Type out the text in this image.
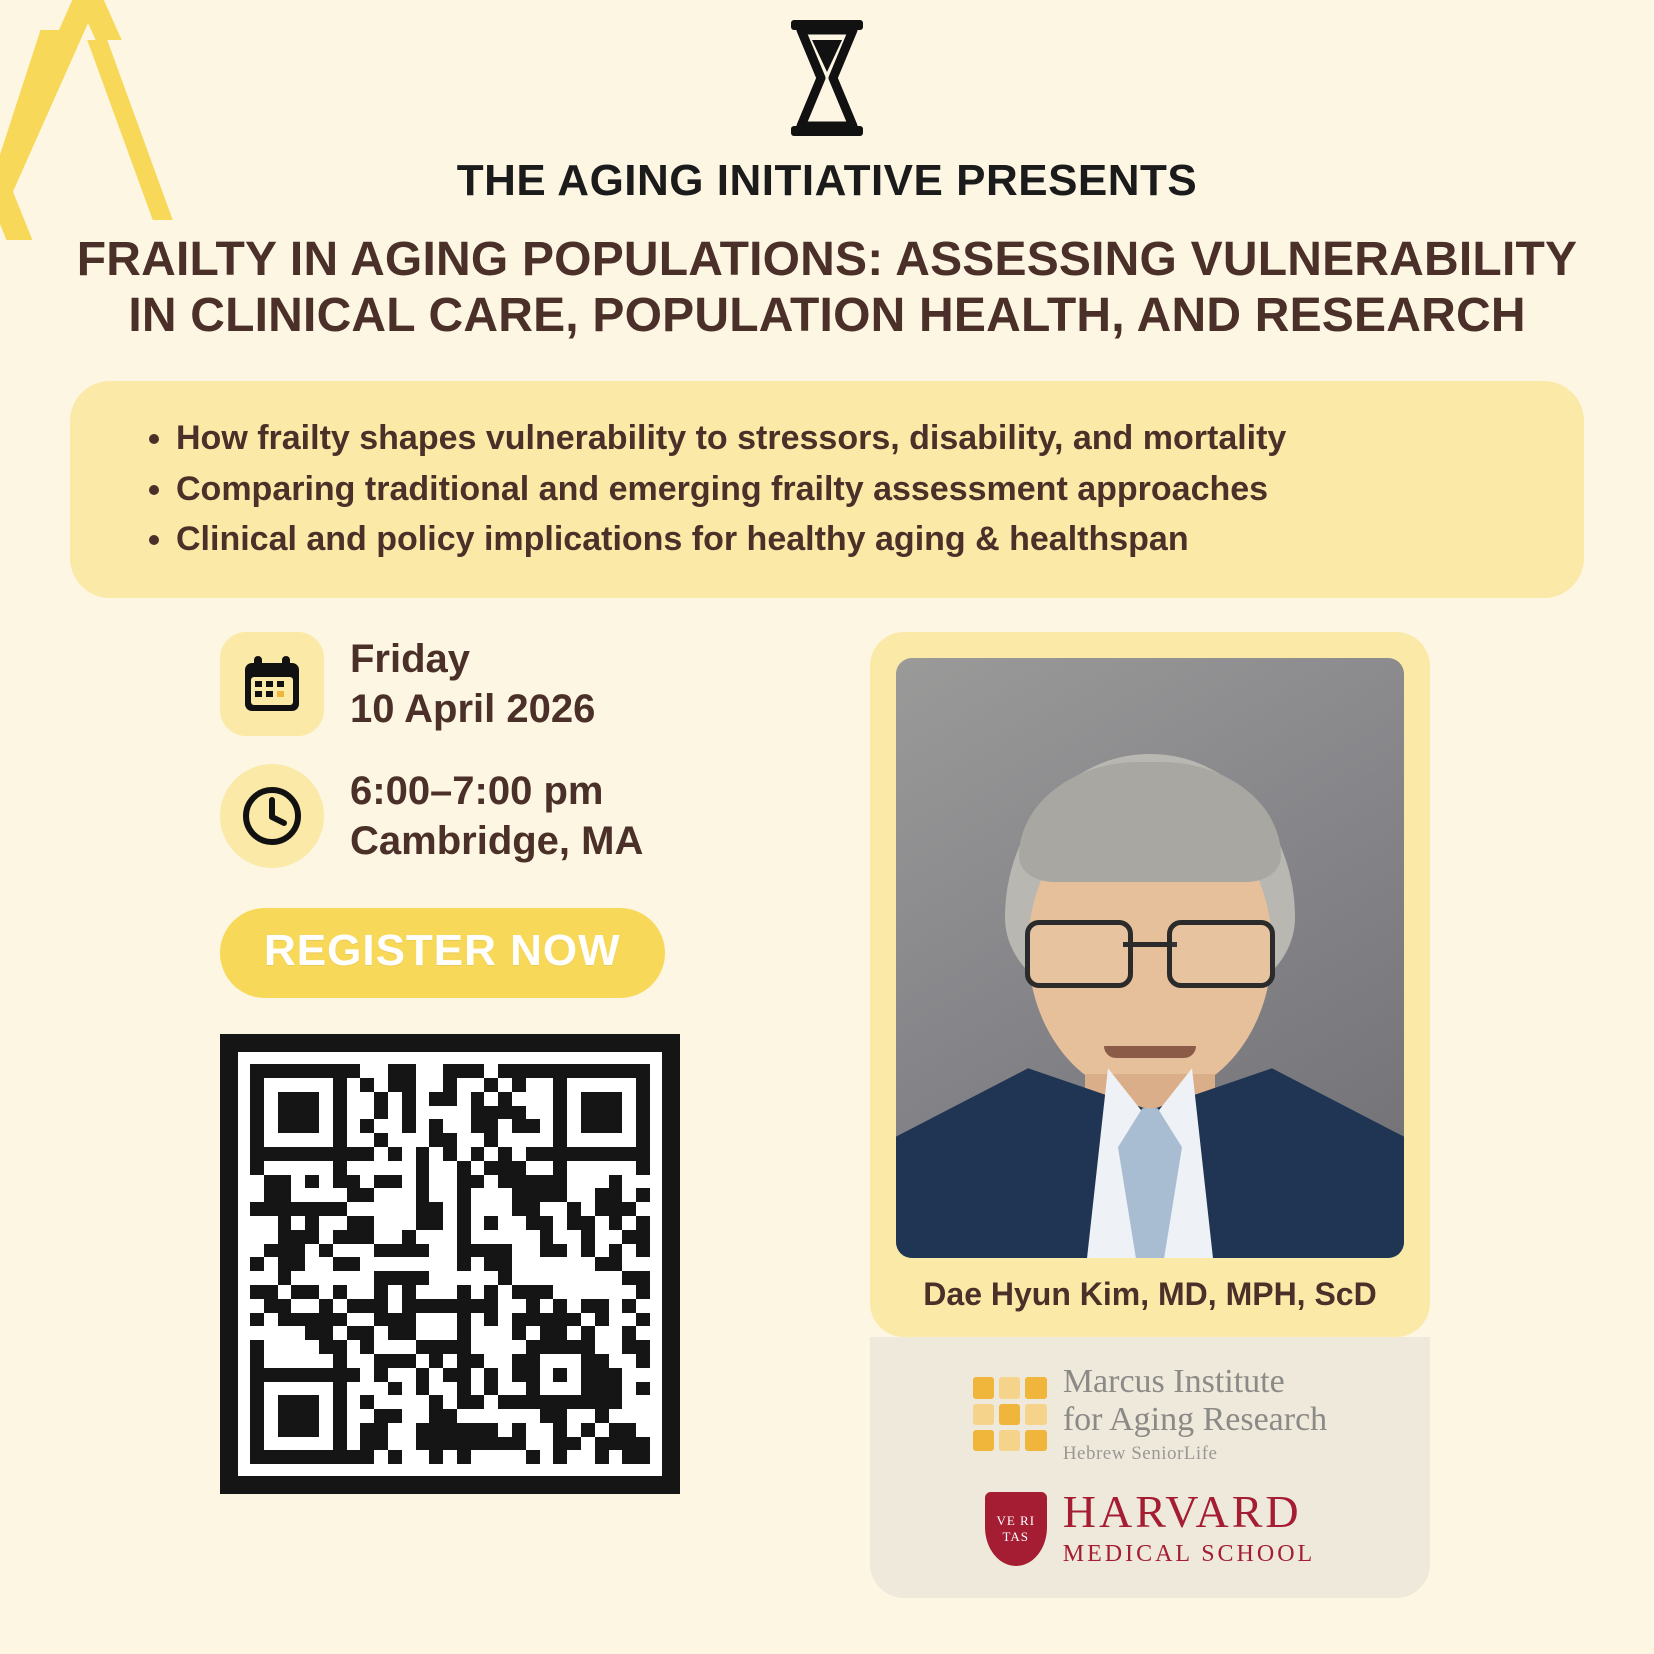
THE AGING INITIATIVE PRESENTS
FRAILTY IN AGING POPULATIONS: ASSESSING VULNERABILITY IN CLINICAL CARE, POPULATION HEALTH, AND RESEARCH
• How frailty shapes vulnerability to stressors, disability, and mortality
• Comparing traditional and emerging frailty assessment approaches
• Clinical and policy implications for healthy aging & healthspan
Friday
10 April 2026
6:00–7:00 pm
Cambridge, MA
REGISTER NOW
Dae Hyun Kim, MD, MPH, ScD
Marcus Institute
for Aging Research
Hebrew SeniorLife
VE RI TAS HARVARD
MEDICAL SCHOOL
